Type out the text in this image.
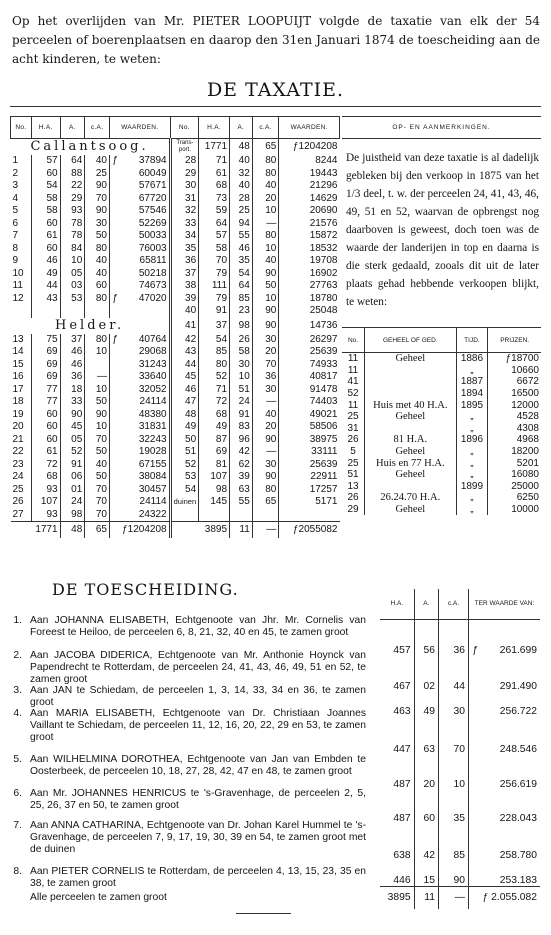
Op het overlijden van Mr. PIETER LOOPUIJT volgde de taxatie van elk der 54 perceelen of boerenplaatsen en daarop den 31en Januari 1874 de toescheiding aan de acht kinderen, te weten:
DE TAXATIE.
No.	H.A.	A.	c.A.	WAARDEN.	No.	H.A.	A.	c.A.	WAARDEN.
Callantsoog.					Trans-port.	1771	48	65	ƒ1204208
1	57	64	40	ƒ 37894	28	71	40	80	8244
2	60	88	25	60049	29	61	32	80	19443
3	54	22	90	57671	30	68	40	40	21296
4	58	29	70	67720	31	73	28	20	14629
5	58	93	90	57546	32	59	25	10	20690
6	60	78	30	52269	33	64	94	—	21576
7	61	78	50	50033	34	57	55	80	15872
8	60	84	80	76003	35	58	46	10	18532
9	46	10	40	65811	36	70	35	40	19708
10	49	05	40	50218	37	79	54	90	16902
11	44	03	60	74673	38	111	64	50	27763
12	43	53	80	ƒ 47020	39	79	85	10	18780
					40	91	23	90	25048
Helder.					41	37	98	90	14736
13	75	37	80	ƒ 40764	42	54	26	30	26297
14	69	46	10	29068	43	85	58	20	25639
15	69	46		31243	44	80	30	70	74933
16	69	36	—	33640	45	52	10	36	40817
17	77	18	10	32052	46	71	51	30	91478
18	77	33	50	24114	47	72	24	—	74403
19	60	90	90	48380	48	68	91	40	49021
20	60	45	10	31831	49	49	83	20	58506
21	60	05	70	32243	50	87	96	90	38975
22	61	52	50	19028	51	69	42	—	33111
23	72	91	40	67155	52	81	62	30	25639
24	68	06	50	38084	53	107	39	90	22911
25	93	01	70	30457	54	98	63	80	17257
26	107	24	70	24114	duinen	145	55	65	5171
27	93	98	70	24322					
1771		48	65	ƒ1204208	3895		11	—	ƒ2055082
OP- EN AANMERKINGEN.
De juistheid van deze taxatie is al dadelijk gebleken bij den verkoop in 1875 van het 1/3 deel, t. w. der perceelen 24, 41, 43, 46, 49, 51 en 52, waarvan de opbrengst nog daarboven is geweest, doch toen was de waarde der landerijen in top en daarna is die sterk gedaald, zooals dit uit de later plaats gehad hebbende verkoopen blijkt, te weten:
No.	GEHEEL OF GED.	TIJD.	PRIJZEN.
11	Geheel	1886	ƒ18700
11		„	10660
41		1887	6672
52		1894	16500
11	Huis met 40 H.A.	1895	12000
25	Geheel	„	4528
31		„	4308
26	81 H.A.	1896	4968
5	Geheel	„	18200
25	Huis en 77 H.A.	„	5201
51	Geheel	„	16080
13		1899	25000
26	26.24.70 H.A.	„	6250
29	Geheel	„	10000
DE TOESCHEIDING.
1. Aan JOHANNA ELISABETH, Echtgenoote van Jhr. Mr. Cornelis van Foreest te Heiloo, de perceelen 6, 8, 21, 32, 40 en 45, te zamen groot
2. Aan JACOBA DIDERICA, Echtgenoote van Mr. Anthonie Hoynck van Papendrecht te Rotterdam, de perceelen 24, 41, 43, 46, 49, 51 en 52, te zamen groot
3. Aan JAN te Schiedam, de perceelen 1, 3, 14, 33, 34 en 36, te zamen groot
4. Aan MARIA ELISABETH, Echtgenoote van Dr. Christiaan Joannes Vaillant te Schiedam, de perceelen 11, 12, 16, 20, 22, 29 en 53, te zamen groot
5. Aan WILHELMINA DOROTHEA, Echtgenoote van Jan van Embden te Oosterbeek, de perceelen 10, 18, 27, 28, 42, 47 en 48, te zamen groot
6. Aan Mr. JOHANNES HENRICUS te 's-Gravenhage, de perceelen 2, 5, 25, 26, 37 en 50, te zamen groot
7. Aan ANNA CATHARINA, Echtgenoote van Dr. Johan Karel Hummel te 's-Gravenhage, de perceelen 7, 9, 17, 19, 30, 39 en 54, te zamen groot met de duinen
8. Aan PIETER CORNELIS te Rotterdam, de perceelen 4, 13, 15, 23, 35 en 38, te zamen groot
Alle perceelen te zamen groot
H.A.	A.	c.A.	TER WAARDE VAN:
457	56	36	ƒ 261.699
467	02	44	291.490
463	49	30	256.722
447	63	70	248.546
487	20	10	256.619
487	60	35	228.043
638	42	85	258.780
446	15	90	253.183
3895	11	—	ƒ 2.055.082
